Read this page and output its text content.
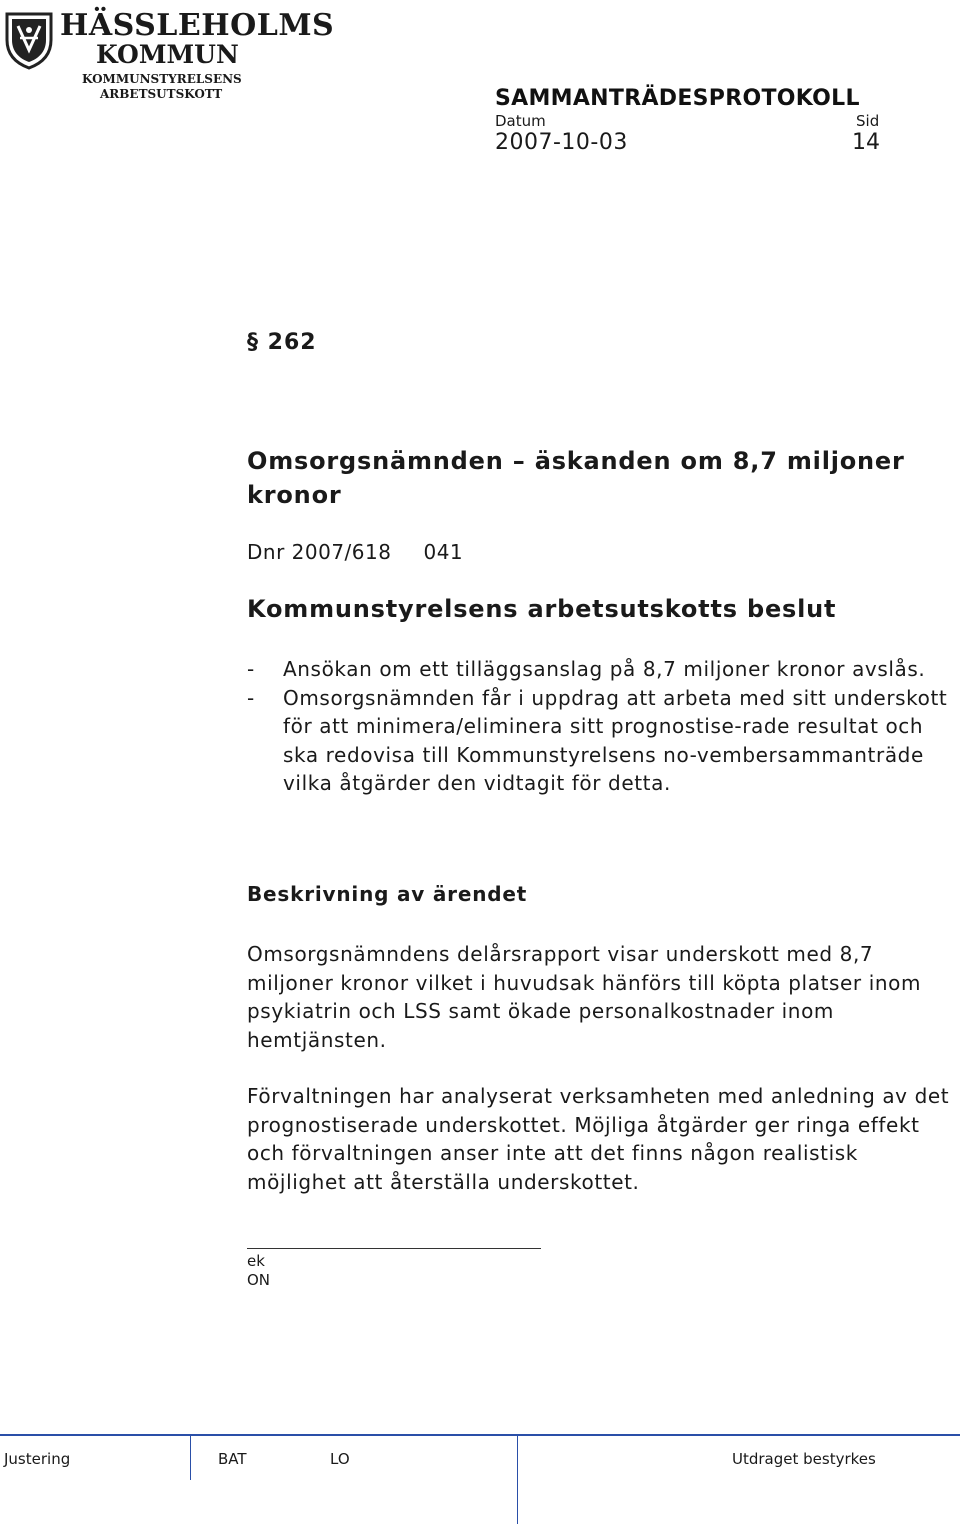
HÄSSLEHOLMS
KOMMUN
KOMMUNSTYRELSENS
ARBETSUTSKOTT	SAMMANTRÄDESPROTOKOLL
Datum	Sid
2007-10-03	14
§ 262
Omsorgsnämnden – äskanden om 8,7 miljoner kronor
Dnr 2007/618 041
Kommunstyrelsens arbetsutskotts beslut
- Ansökan om ett tilläggsanslag på 8,7 miljoner kronor avslås.
- Omsorgsnämnden får i uppdrag att arbeta med sitt underskott för att minimera/eliminera sitt prognostise-rade resultat och ska redovisa till Kommunstyrelsens no-vembersammanträde vilka åtgärder den vidtagit för detta.
Beskrivning av ärendet

Omsorgsnämndens delårsrapport visar underskott med 8,7 miljoner kronor vilket i huvudsak hänförs till köpta platser inom psykiatrin och LSS samt ökade personalkostnader inom hemtjänsten.

Förvaltningen har analyserat verksamheten med anledning av det prognostiserade underskottet. Möjliga åtgärder ger ringa effekt och förvaltningen anser inte att det finns någon realistisk möjlighet att återställa underskottet.

ek
ON
Justering	BAT	LO	Utdraget bestyrkes
